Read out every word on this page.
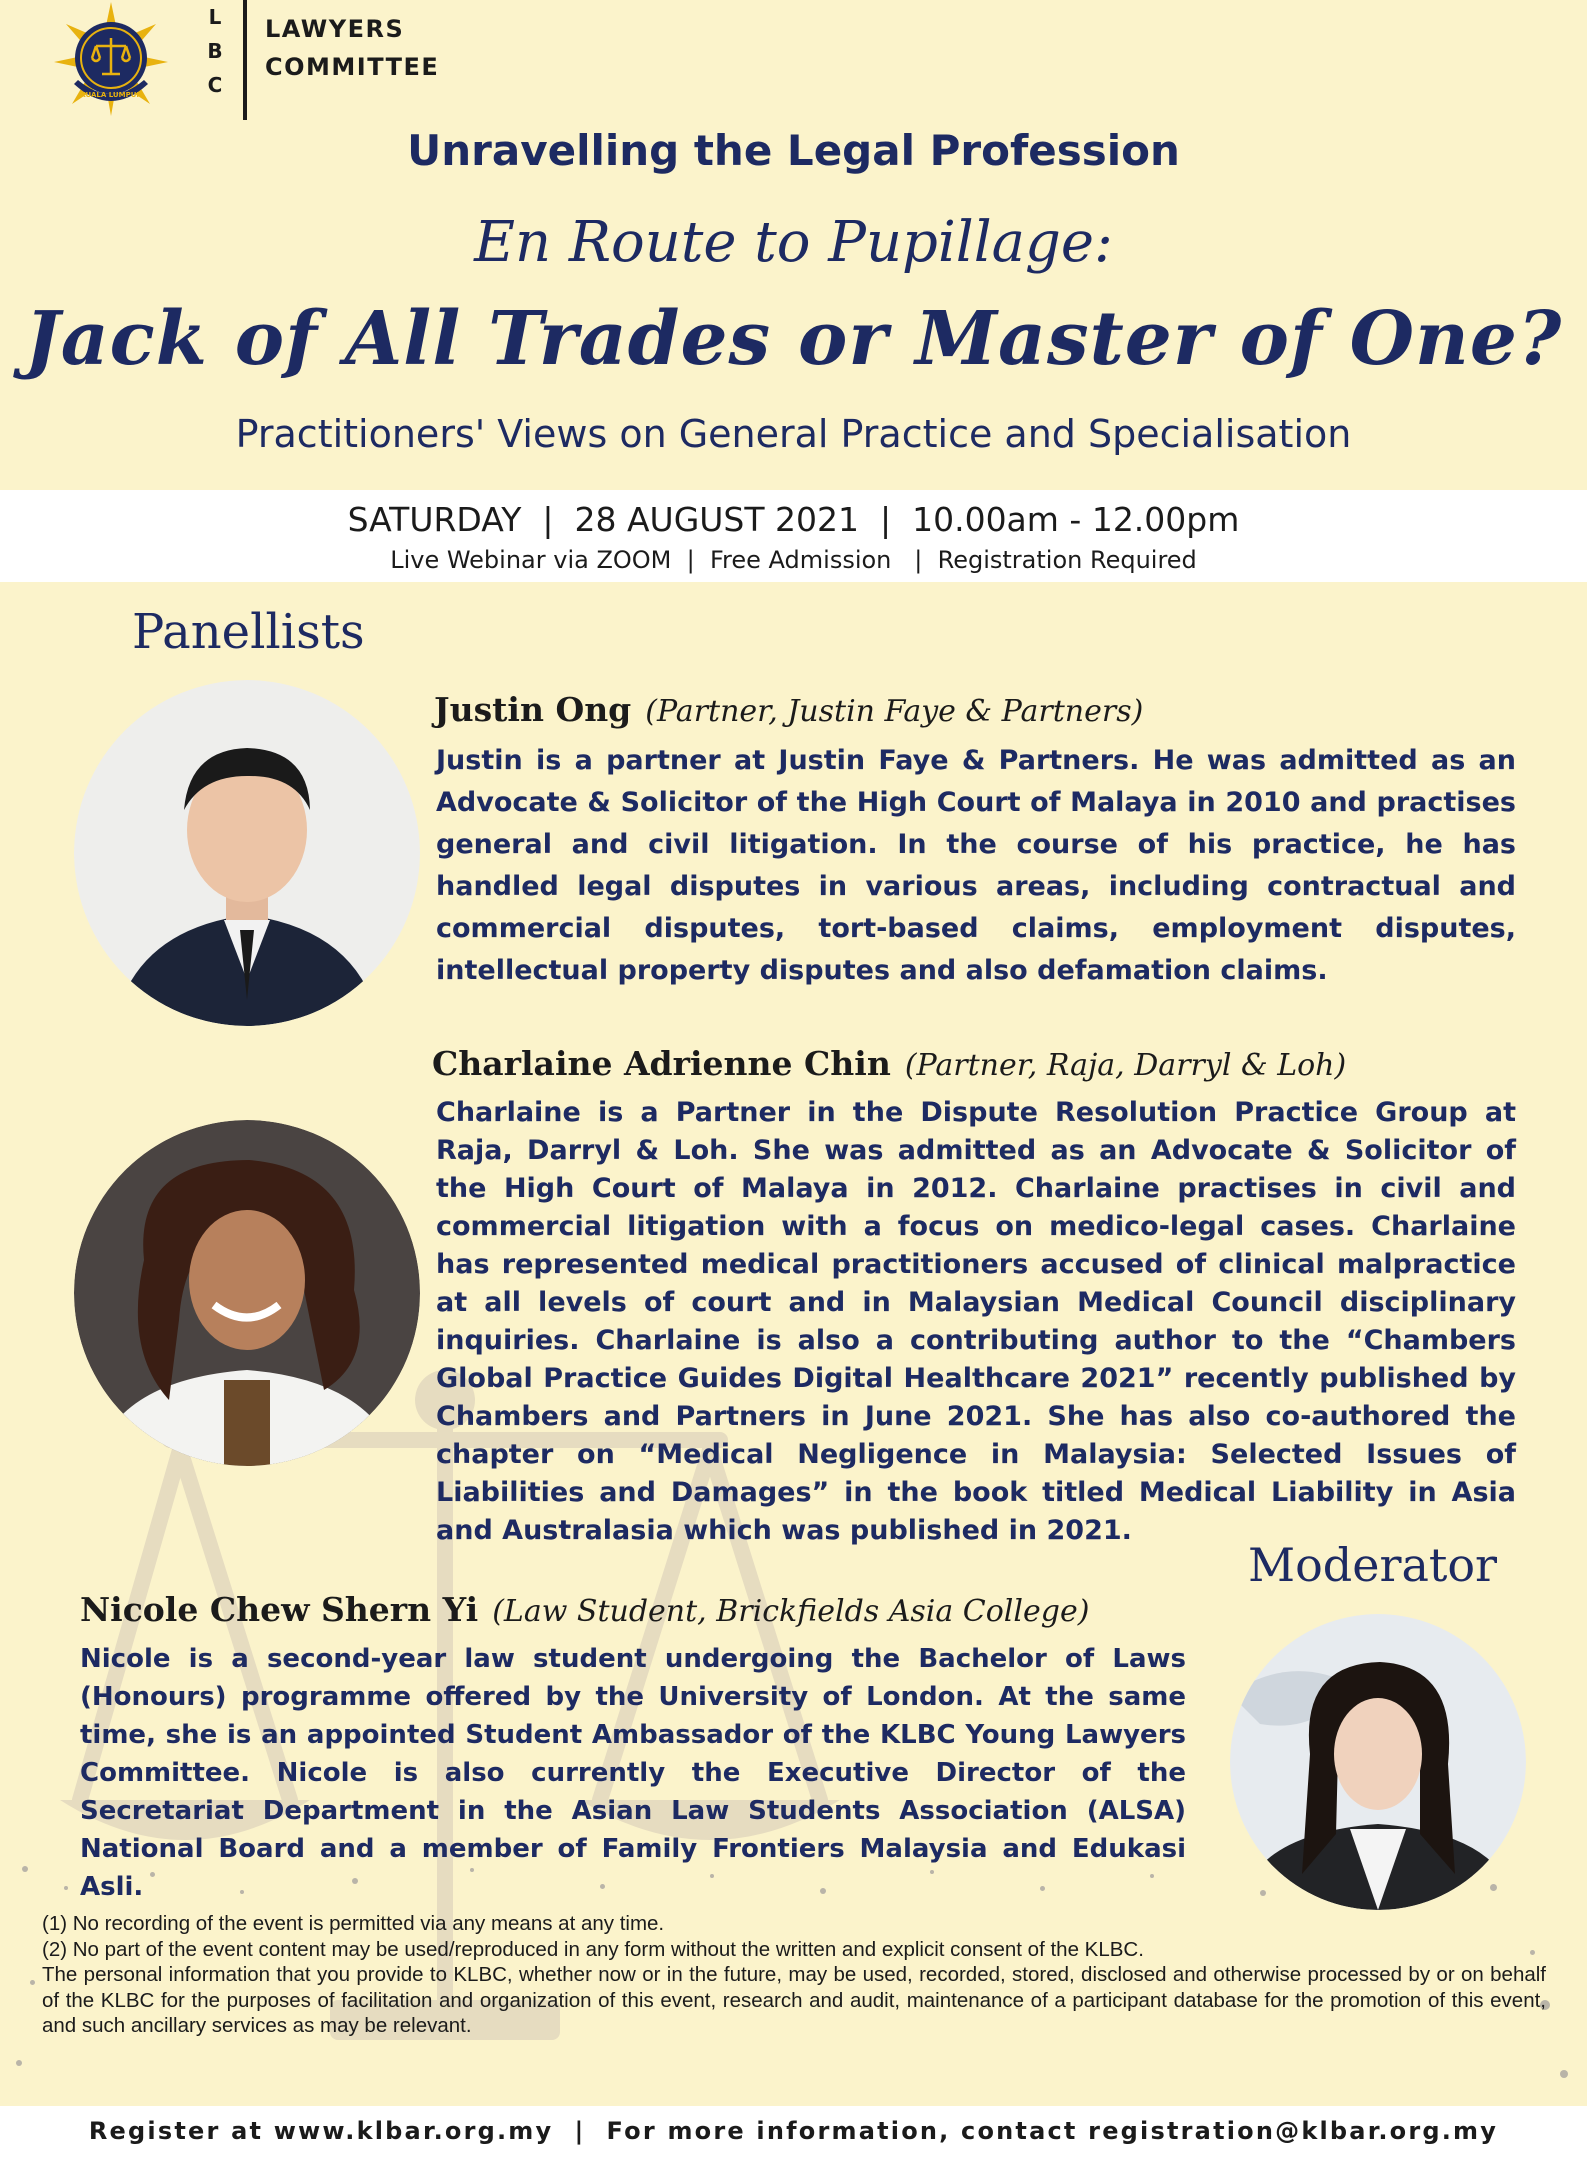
KUALA LUMPUR
L
B
C
LAWYERS
COMMITTEE
Unravelling the Legal Profession
En Route to Pupillage:
Jack of All Trades or Master of One?
Practitioners' Views on General Practice and Specialisation
SATURDAY  |  28 AUGUST 2021  |  10.00am - 12.00pm
Live Webinar via ZOOM  |  Free Admission   |  Registration Required
Panellists
Justin Ong (Partner, Justin Faye & Partners)
Justin is a partner at Justin Faye & Partners. He was admitted as an Advocate & Solicitor of the High Court of Malaya in 2010 and practises general and civil litigation. In the course of his practice, he has handled legal disputes in various areas, including contractual and commercial disputes, tort-based claims, employment disputes, intellectual property disputes and also defamation claims.
Charlaine Adrienne Chin (Partner, Raja, Darryl & Loh)
Charlaine is a Partner in the Dispute Resolution Practice Group at Raja, Darryl & Loh. She was admitted as an Advocate & Solicitor of the High Court of Malaya in 2012. Charlaine practises in civil and commercial litigation with a focus on medico-legal cases. Charlaine has represented medical practitioners accused of clinical malpractice at all levels of court and in Malaysian Medical Council disciplinary inquiries. Charlaine is also a contributing author to the “Chambers Global Practice Guides Digital Healthcare 2021” recently published by Chambers and Partners in June 2021. She has also co-authored the chapter on “Medical Negligence in Malaysia: Selected Issues of Liabilities and Damages” in the book titled Medical Liability in Asia and Australasia which was published in 2021.
Moderator
Nicole Chew Shern Yi (Law Student, Brickfields Asia College)
Nicole is a second-year law student undergoing the Bachelor of Laws (Honours) programme offered by the University of London. At the same time, she is an appointed Student Ambassador of the KLBC Young Lawyers Committee. Nicole is also currently the Executive Director of the Secretariat Department in the Asian Law Students Association (ALSA) National Board and a member of Family Frontiers Malaysia and Edukasi Asli.
(1) No recording of the event is permitted via any means at any time.
(2) No part of the event content may be used/reproduced in any form without the written and explicit consent of the KLBC.
The personal information that you provide to KLBC, whether now or in the future, may be used, recorded, stored, disclosed and otherwise processed by or on behalf of the KLBC for the purposes of facilitation and organization of this event, research and audit, maintenance of a participant database for the promotion of this event, and such ancillary services as may be relevant.
Register at www.klbar.org.my  |  For more information, contact registration@klbar.org.my
